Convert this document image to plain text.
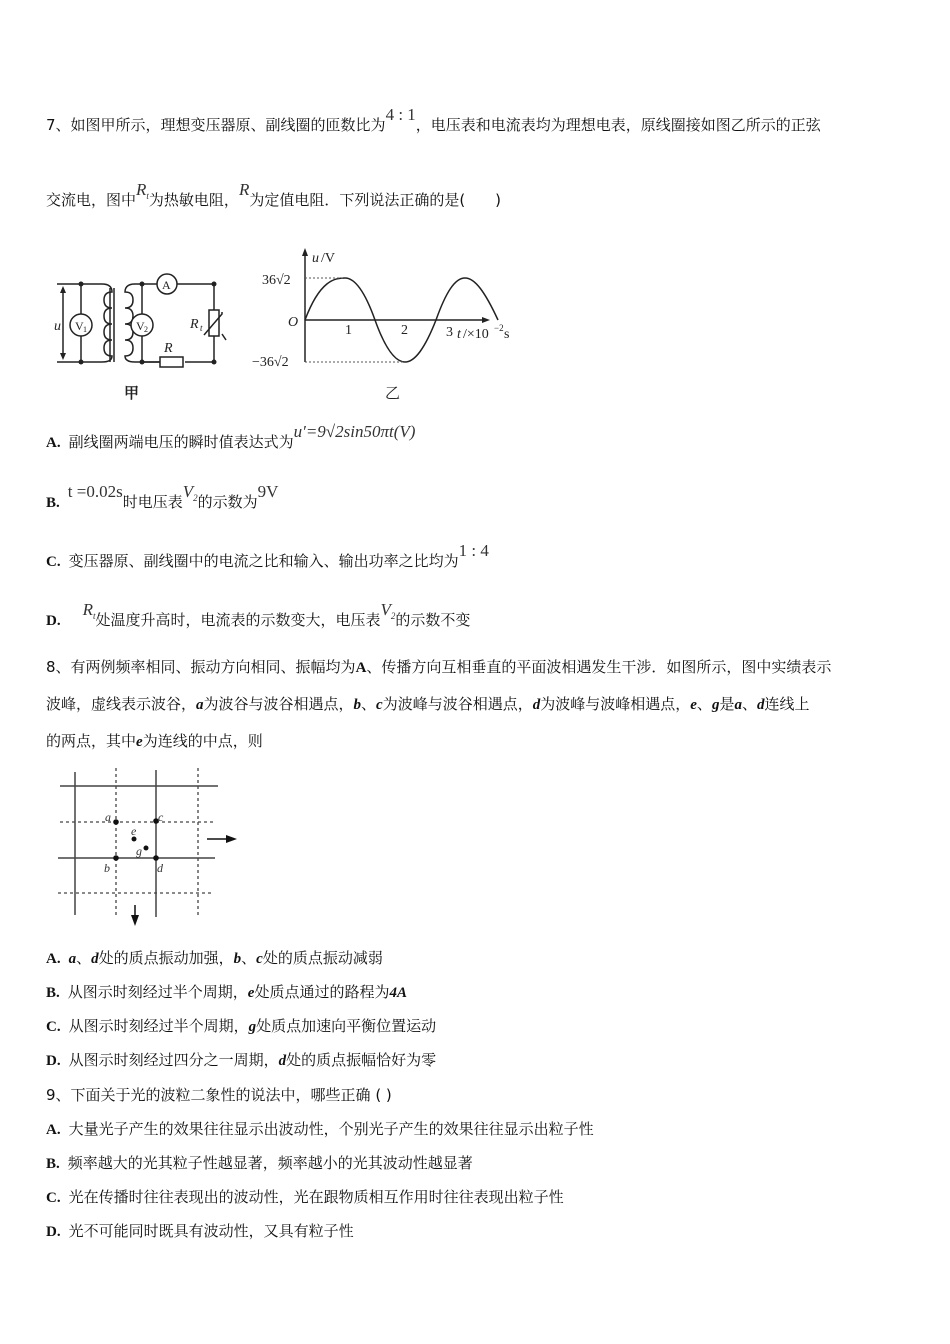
7、如图甲所示，理想变压器原、副线圈的匝数比为4 : 1，电压表和电流表均为理想电表，原线圈接如图乙所示的正弦
交流电，图中$R_t$为热敏电阻，R为定值电阻．下列说法正确的是(　　)
u V 1	V 2
A
R t
R
甲
u /V
36√2
−36√2
O
1	2	3 t /×10 −2 s
乙
A. 副线圈两端电压的瞬时值表达式为u′=9√2sin50πt(V)
B.t =0.02s时电压表$V_2$的示数为9V
C. 变压器原、副线圈中的电流之比和输入、输出功率之比均为1 : 4
$D.R_t$处温度升高时，电流表的示数变大，电压表$V_2$的示数不变
8、有两例频率相同、振动方向相同、振幅均为A、传播方向互相垂直的平面波相遇发生干涉．如图所示，图中实绩表示
波峰，虚线表示波谷，a为波谷与波谷相遇点，b、c为波峰与波谷相遇点，d为波峰与波峰相遇点，e、g是a、d连线上
的两点，其中e为连线的中点，则
a	c
e
g
b	d
A. a、d处的质点振动加强，b、c处的质点振动减弱
B. 从图示时刻经过半个周期，e处质点通过的路程为4A
C. 从图示时刻经过半个周期，g处质点加速向平衡位置运动
D. 从图示时刻经过四分之一周期，d处的质点振幅恰好为零
9、下面关于光的波粒二象性的说法中，哪些正确 ( )
A. 大量光子产生的效果往往显示出波动性，个别光子产生的效果往往显示出粒子性
B. 频率越大的光其粒子性越显著，频率越小的光其波动性越显著
C. 光在传播时往往表现出的波动性，光在跟物质相互作用时往往表现出粒子性
D. 光不可能同时既具有波动性，又具有粒子性
